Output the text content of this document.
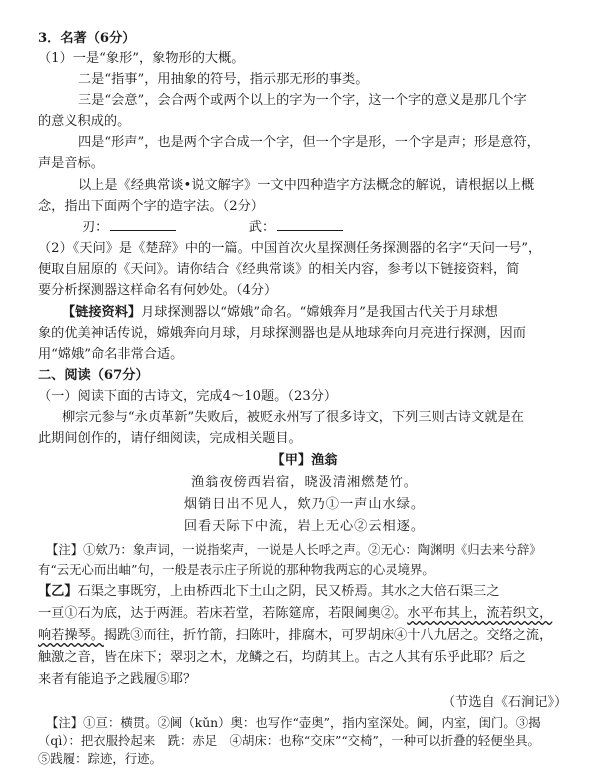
3．名著（6分）
（1）一是“象形”，象物形的大概。
二是“指事”，用抽象的符号，指示那无形的事类。
三是“会意”，会合两个或两个以上的字为一个字，这一个字的意义是那几个字
的意义积成的。
四是“形声”，也是两个字合成一个字，但一个字是形，一个字是声；形是意符，
声是音标。
以上是《经典常谈•说文解字》一文中四种造字方法概念的解说，请根据以上概
念，指出下面两个字的造字法。（2分）
刃：	武：
（2）《天问》是《楚辞》中的一篇。中国首次火星探测任务探测器的名字“天问一号”，
便取自屈原的《天问》。请你结合《经典常谈》的相关内容，参考以下链接资料，简
要分析探测器这样命名有何妙处。（4分）
【链接资料】月球探测器以“嫦娥”命名。“嫦娥奔月”是我国古代关于月球想
象的优美神话传说，嫦娥奔向月球，月球探测器也是从地球奔向月亮进行探测，因而
用“嫦娥”命名非常合适。
二、阅读（67分）
（一）阅读下面的古诗文，完成4～10题。（23分）
柳宗元参与“永贞革新”失败后，被贬永州写了很多诗文，下列三则古诗文就是在
此期间创作的，请仔细阅读，完成相关题目。
【甲】渔翁
渔翁夜傍西岩宿，晓汲清湘燃楚竹。
烟销日出不见人，欸乃①一声山水绿。
回看天际下中流，岩上无心②云相逐。
【注】①欸乃：象声词，一说指桨声，一说是人长呼之声。②无心：陶渊明《归去来兮辞》
有“云无心而出岫”句，一般是表示庄子所说的那种物我两忘的心灵境界。
【乙】石渠之事既穷，上由桥西北下土山之阴，民又桥焉。其水之大倍石渠三之
一亘①石为底，达于两涯。若床若堂，若陈筵席，若限阃奥②。水平布其上，流若织文，
响若操琴。揭跣③而往，折竹箭，扫陈叶，排腐木，可罗胡床④十八九居之。交络之流，
触激之音，皆在床下；翠羽之木，龙鳞之石，均荫其上。古之人其有乐乎此耶？后之
来者有能追予之践履⑤耶？
（节选自《石涧记》）
【注】①亘：横贯。②阃（kǔn）奥：也写作“壶奥”，指内室深处。阃，内室，闺门。③揭
（qì）：把衣服拎起来　跣：赤足　④胡床：也称“交床”“交椅”，一种可以折叠的轻便坐具。
⑤践履：踪迹，行迹。
